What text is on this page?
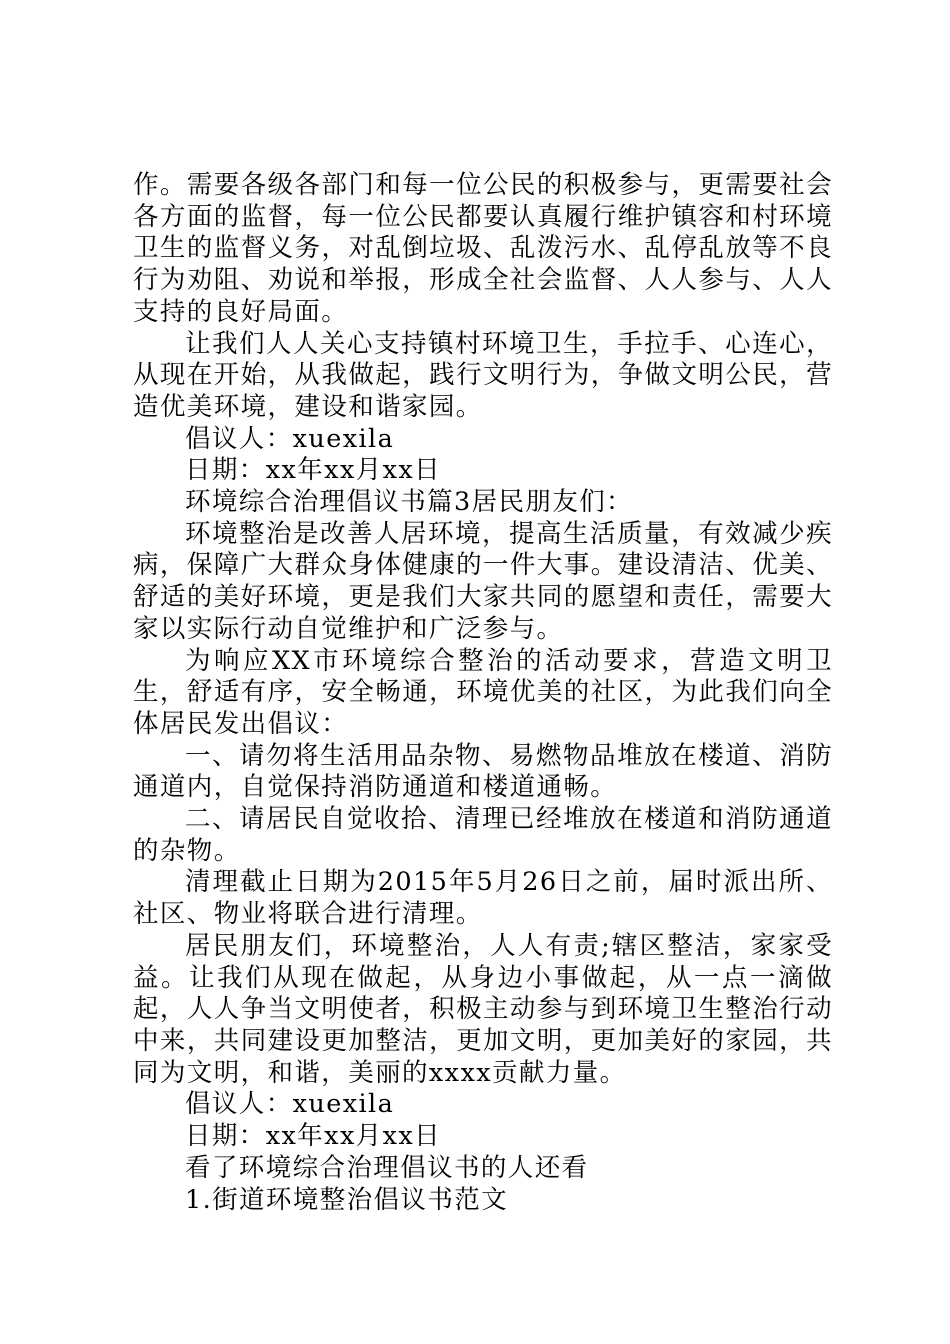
作。需要各级各部门和每一位公民的积极参与，更需要社会各方面的监督，每一位公民都要认真履行维护镇容和村环境卫生的监督义务，对乱倒垃圾、乱泼污水、乱停乱放等不良行为劝阻、劝说和举报，形成全社会监督、人人参与、人人支持的良好局面。

让我们人人关心支持镇村环境卫生，手拉手、心连心，从现在开始，从我做起，践行文明行为，争做文明公民，营造优美环境，建设和谐家园。

倡议人：xuexila

日期：xx年xx月xx日

环境综合治理倡议书篇3居民朋友们：

环境整治是改善人居环境，提高生活质量，有效减少疾病，保障广大群众身体健康的一件大事。建设清洁、优美、舒适的美好环境，更是我们大家共同的愿望和责任，需要大家以实际行动自觉维护和广泛参与。

为响应XX市环境综合整治的活动要求，营造文明卫生，舒适有序，安全畅通，环境优美的社区，为此我们向全体居民发出倡议：

一、请勿将生活用品杂物、易燃物品堆放在楼道、消防通道内，自觉保持消防通道和楼道通畅。

二、请居民自觉收拾、清理已经堆放在楼道和消防通道的杂物。

清理截止日期为2015年5月26日之前，届时派出所、社区、物业将联合进行清理。

居民朋友们，环境整治，人人有责;辖区整洁，家家受益。让我们从现在做起，从身边小事做起，从一点一滴做起，人人争当文明使者，积极主动参与到环境卫生整治行动中来，共同建设更加整洁，更加文明，更加美好的家园，共同为文明，和谐，美丽的xxxx贡献力量。

倡议人：xuexila

日期：xx年xx月xx日

看了环境综合治理倡议书的人还看

1.街道环境整治倡议书范文
